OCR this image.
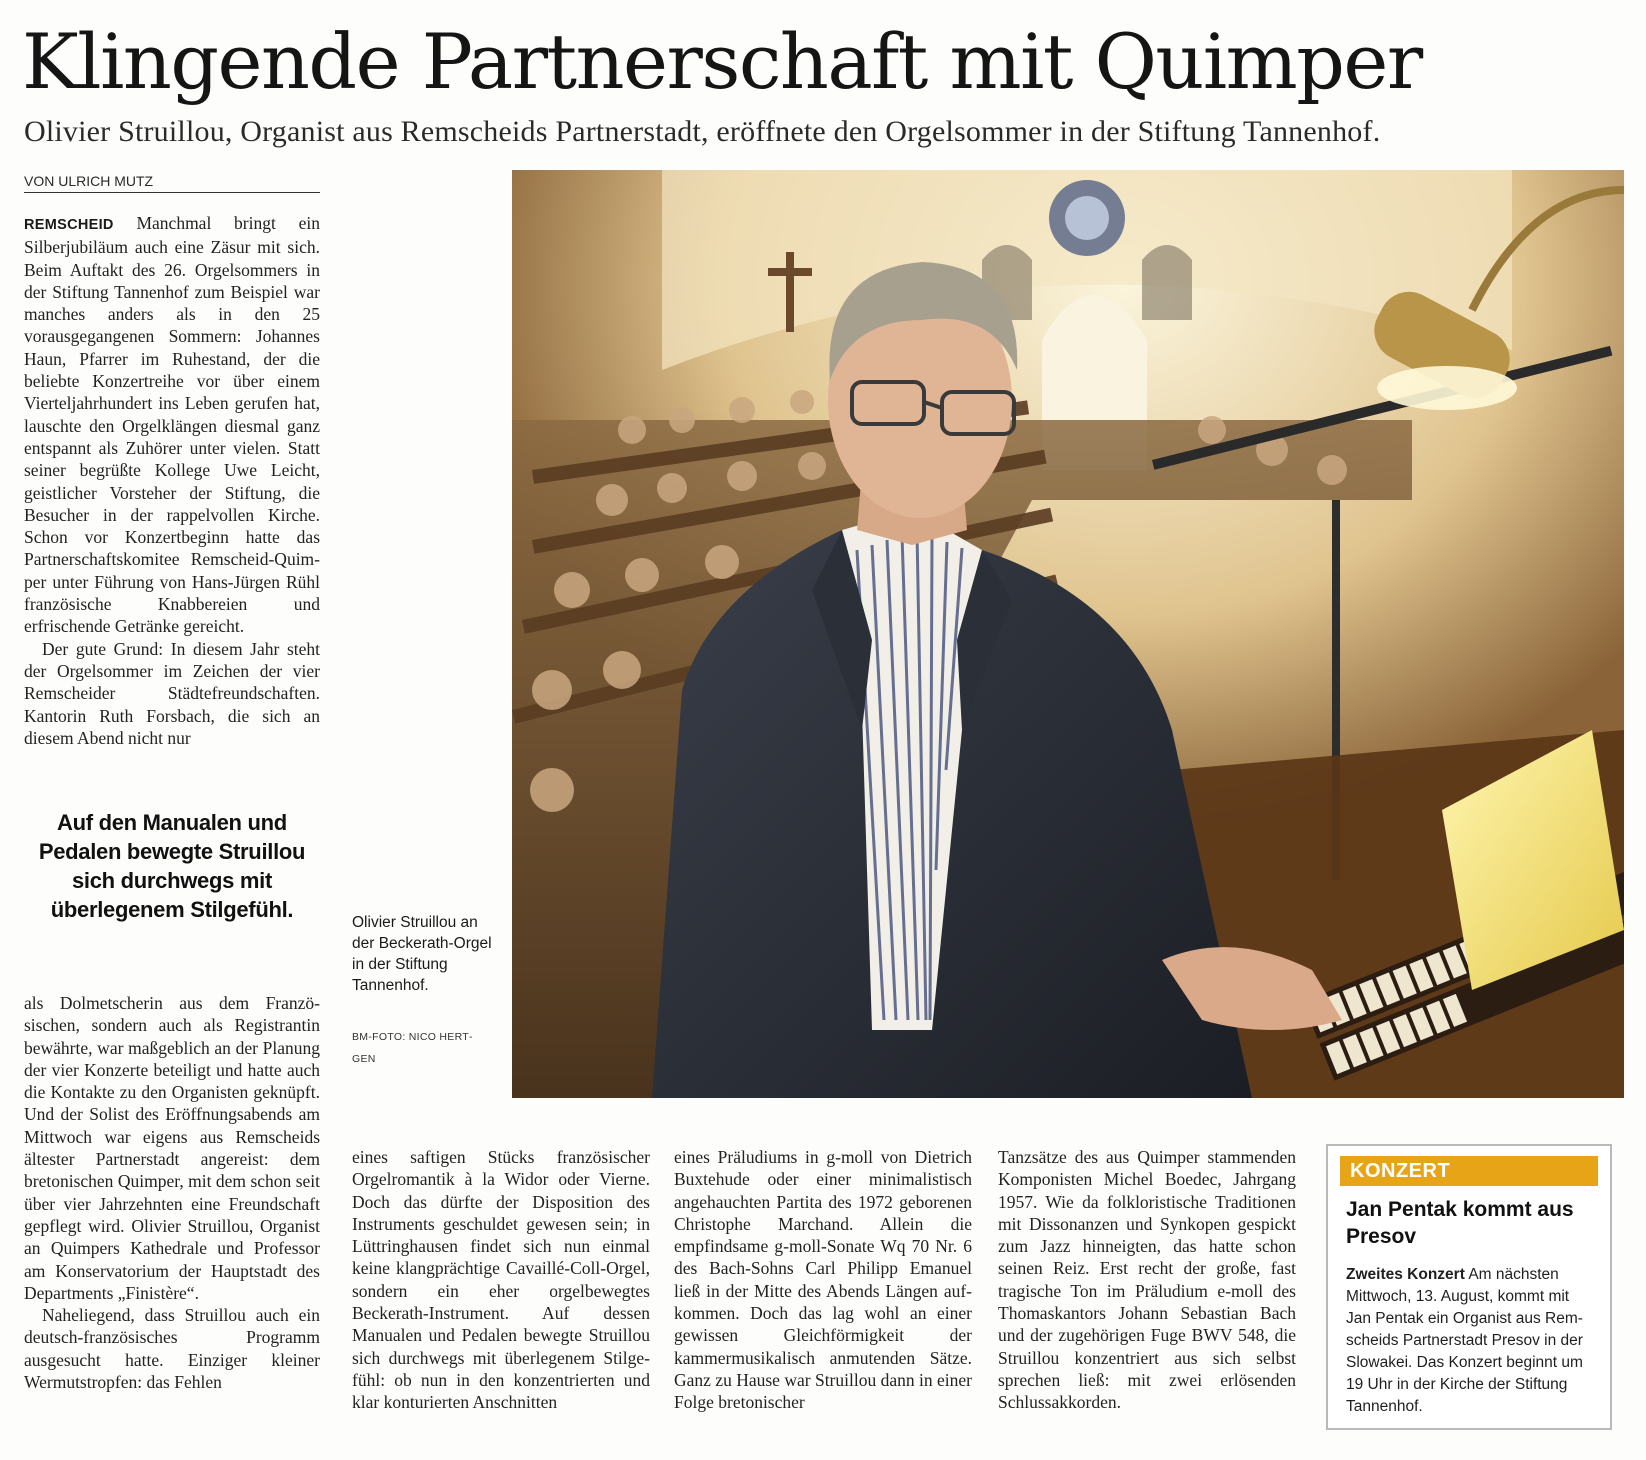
Klingende Partnerschaft mit Quimper
Olivier Struillou, Organist aus Remscheids Partnerstadt, eröffnete den Orgelsommer in der Stiftung Tannenhof.
VON ULRICH MUTZ

REMSCHEID Manchmal bringt ein Silberjubiläum auch eine Zäsur mit sich. Beim Auftakt des 26. Orgelsommers in der Stiftung Tannenhof zum Beispiel war manches anders als in den 25 vorausgegangenen Sommern: Johannes Haun, Pfarrer im Ruhestand, der die beliebte Konzertreihe vor über einem Vierteljahrhundert ins Leben gerufen hat, lauschte den Orgelklängen diesmal ganz entspannt als Zuhörer unter vielen. Statt seiner begrüßte Kollege Uwe Leicht, geistlicher Vorsteher der Stiftung, die Besucher in der rappelvollen Kirche. Schon vor Konzertbeginn hatte das Partnerschaftskomitee Remscheid-Quimper unter Führung von Hans-Jürgen Rühl französische Knabbereien und erfrischende Getränke gereicht.

Der gute Grund: In diesem Jahr steht der Orgelsommer im Zeichen der vier Remscheider Städtefreundschaften. Kantorin Ruth Forsbach, die sich an diesem Abend nicht nur

Auf den Manualen und Pedalen bewegte Struillou sich durchwegs mit überlegenem Stilgefühl.

als Dolmetscherin aus dem Französischen, sondern auch als Registrantin bewährte, war maßgeblich an der Planung der vier Konzerte beteiligt und hatte auch die Kontakte zu den Organisten geknüpft. Und der Solist des Eröffnungsabends am Mittwoch war eigens aus Remscheids ältester Partnerstadt angereist: dem bretonischen Quimper, mit dem schon seit über vier Jahrzehnten eine Freundschaft gepflegt wird. Olivier Struillou, Organist an Quimpers Kathedrale und Professor am Konservatorium der Hauptstadt des Departments „Finistère“.

Naheliegend, dass Struillou auch ein deutsch-französisches Programm ausgesucht hatte. Einziger kleiner Wermutstropfen: das Fehlen

eines saftigen Stücks französischer Orgelromantik à la Widor oder Vierne. Doch das dürfte der Disposition des Instruments geschuldet gewesen sein; in Lüttringhausen findet sich nun einmal keine klangprächtige Cavaillé-Coll-Orgel, sondern ein eher orgelbewegtes Beckerath-Instrument. Auf dessen Manualen und Pedalen bewegte Struillou sich durchwegs mit überlegenem Stilgefühl: ob nun in den konzentrierten und klar konturierten Anschnitten

eines Präludiums in g-moll von Dietrich Buxtehude oder einer minimalistisch angehauchten Partita des 1972 geborenen Christophe Marchand. Allein die empfindsame g-moll-Sonate Wq 70 Nr. 6 des Bach-Sohns Carl Philipp Emanuel ließ in der Mitte des Abends Längen aufkommen. Doch das lag wohl an einer gewissen Gleichförmigkeit der kammermusikalisch anmutenden Sätze. Ganz zu Hause war Struillou dann in einer Folge bretonischer

Tanzsätze des aus Quimper stammenden Komponisten Michel Boedec, Jahrgang 1957. Wie da folkloristische Traditionen mit Dissonanzen und Synkopen gespickt zum Jazz hinneigten, das hatte schon seinen Reiz. Erst recht der große, fast tragische Ton im Präludium e-moll des Thomaskantors Johann Sebastian Bach und der zugehörigen Fuge BWV 548, die Struillou konzentriert aus sich selbst sprechen ließ: mit zwei erlösenden Schlussakkorden.

Olivier Struillou an der Beckerath-Orgel in der Stiftung Tannenhof.
BM-FOTO: NICO HERTGEN
KONZERT
Jan Pentak kommt aus Presov
Zweites Konzert Am nächsten Mittwoch, 13. August, kommt mit Jan Pentak ein Organist aus Remscheids Partnerstadt Presov in der Slowakei. Das Konzert beginnt um 19 Uhr in der Kirche der Stiftung Tannenhof.
